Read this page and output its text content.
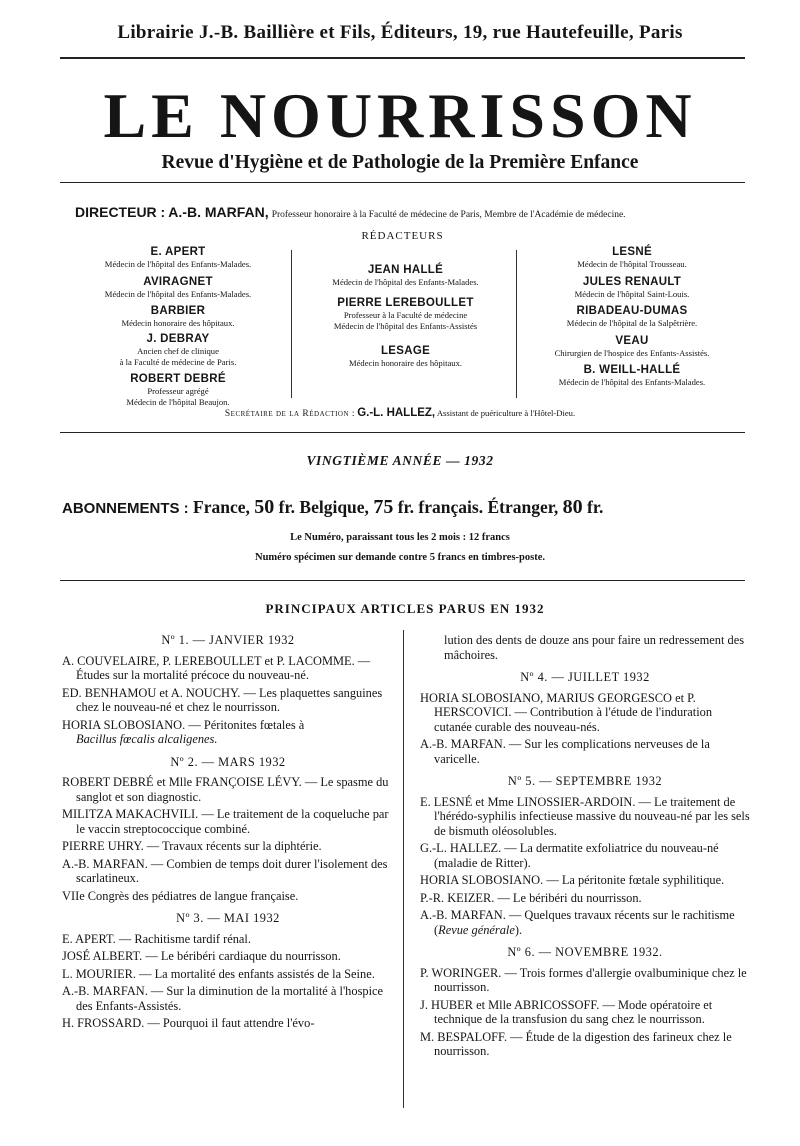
Librairie J.-B. Baillière et Fils, Éditeurs, 19, rue Hautefeuille, Paris
LE NOURRISSON
Revue d'Hygiène et de Pathologie de la Première Enfance
DIRECTEUR : A.-B. MARFAN, Professeur honoraire à la Faculté de médecine de Paris, Membre de l'Académie de médecine.
RÉDACTEURS
E. APERT
Médecin de l'hôpital des Enfants-Malades.
AVIRAGNET
Médecin de l'hôpital des Enfants-Malades.
BARBIER
Médecin honoraire des hôpitaux.
J. DEBRAY
Ancien chef de clinique
à la Faculté de médecine de Paris.
ROBERT DEBRÉ
Professeur agrégé
Médecin de l'hôpital Beaujon.
JEAN HALLÉ
Médecin de l'hôpital des Enfants-Malades.
PIERRE LEREBOULLET
Professeur à la Faculté de médecine
Médecin de l'hôpital des Enfants-Assistés
LESAGE
Médecin honoraire des hôpitaux.
LESNÉ
Médecin de l'hôpital Trousseau.
JULES RENAULT
Médecin de l'hôpital Saint-Louis.
RIBADEAU-DUMAS
Médecin de l'hôpital de la Salpêtrière.
VEAU
Chirurgien de l'hospice des Enfants-Assistés.
B. WEILL-HALLÉ
Médecin de l'hôpital des Enfants-Malades.
Secrétaire de la Rédaction : G.-L. HALLEZ, Assistant de puériculture à l'Hôtel-Dieu.
VINGTIÈME ANNÉE — 1932
ABONNEMENTS : France, 50 fr. Belgique, 75 fr. français. Étranger, 80 fr.
Le Numéro, paraissant tous les 2 mois : 12 francs
Numéro spécimen sur demande contre 5 francs en timbres-poste.
PRINCIPAUX ARTICLES PARUS EN 1932
Nº 1. — JANVIER 1932

A. COUVELAIRE, P. LEREBOULLET et P. LACOMME. — Études sur la mortalité précoce du nouveau-né.

ED. BENHAMOU et A. NOUCHY. — Les plaquettes sanguines chez le nouveau-né et chez le nourrisson.

HORIA SLOBOSIANO. — Péritonites fœtales à

Bacillus fœcalis alcaligenes.

Nº 2. — MARS 1932

ROBERT DEBRÉ et Mlle FRANÇOISE LÉVY. — Le spasme du sanglot et son diagnostic.

MILITZA MAKACHVILI. — Le traitement de la coqueluche par le vaccin streptococcique combiné.

PIERRE UHRY. — Travaux récents sur la diphtérie.

A.-B. MARFAN. — Combien de temps doit durer l'isolement des scarlatineux.

VIIe Congrès des pédiatres de langue française.

Nº 3. — MAI 1932

E. APERT. — Rachitisme tardif rénal.

JOSÉ ALBERT. — Le béribéri cardiaque du nourrisson.

L. MOURIER. — La mortalité des enfants assistés de la Seine.

A.-B. MARFAN. — Sur la diminution de la mortalité à l'hospice des Enfants-Assistés.

H. FROSSARD. — Pourquoi il faut attendre l'évo-

lution des dents de douze ans pour faire un redressement des mâchoires.

Nº 4. — JUILLET 1932

HORIA SLOBOSIANO, MARIUS GEORGESCO et P. HERSCOVICI. — Contribution à l'étude de l'induration cutanée curable des nouveau-nés.

A.-B. MARFAN. — Sur les complications nerveuses de la varicelle.

Nº 5. — SEPTEMBRE 1932

E. LESNÉ et Mme LINOSSIER-ARDOIN. — Le traitement de l'hérédo-syphilis infectieuse massive du nouveau-né par les sels de bismuth oléosolubles.

G.-L. HALLEZ. — La dermatite exfoliatrice du nouveau-né (maladie de Ritter).

HORIA SLOBOSIANO. — La péritonite fœtale syphilitique.

P.-R. KEIZER. — Le béribéri du nourrisson.

A.-B. MARFAN. — Quelques travaux récents sur le rachitisme (Revue générale).

Nº 6. — NOVEMBRE 1932.

P. WORINGER. — Trois formes d'allergie ovalbuminique chez le nourrisson.

J. HUBER et Mlle ABRICOSSOFF. — Mode opératoire et technique de la transfusion du sang chez le nourrisson.

M. BESPALOFF. — Étude de la digestion des farineux chez le nourrisson.
